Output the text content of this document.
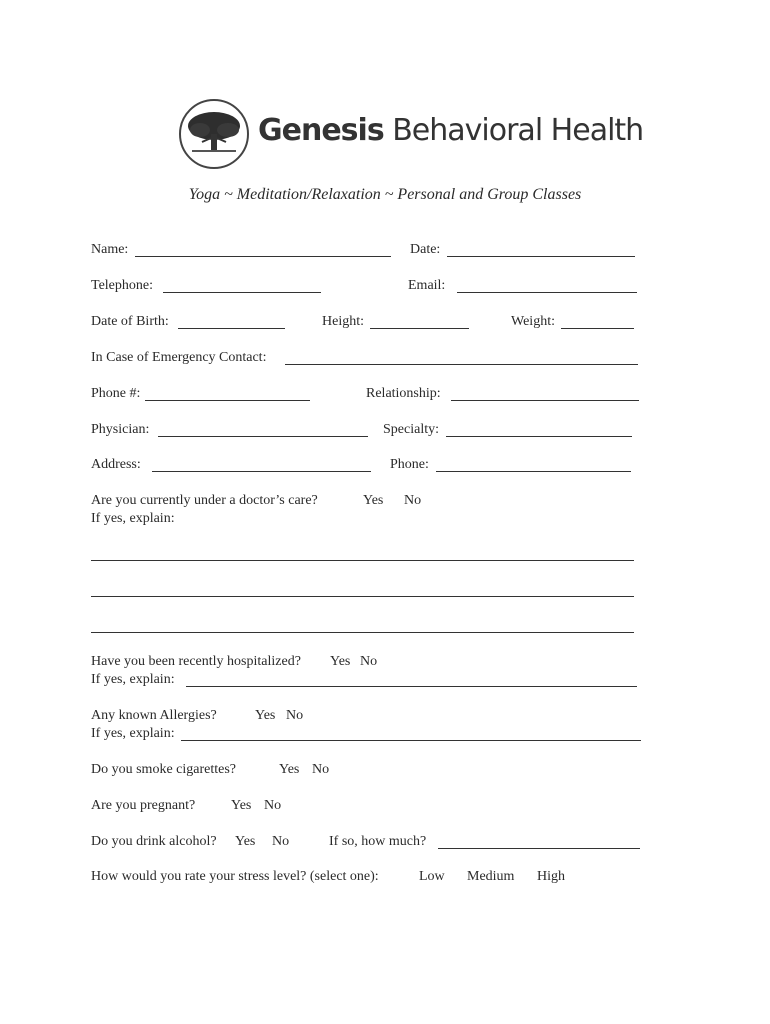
Genesis Behavioral Health
Yoga ~ Meditation/Relaxation ~ Personal and Group Classes
Name:	Date:
Telephone:	Email:
Date of Birth:	Height:	Weight:
In Case of Emergency Contact:
Phone #:	Relationship:
Physician:	Specialty:
Address:	Phone:
Are you currently under a doctor’s care?	Yes No
If yes, explain:
Have you been recently hospitalized? Yes No
If yes, explain:
Any known Allergies?	Yes No
If yes, explain:
Do you smoke cigarettes?	Yes No
Are you pregnant?	Yes No
Do you drink alcohol? Yes No	If so, how much?
How would you rate your stress level? (select one):	Low Medium High
